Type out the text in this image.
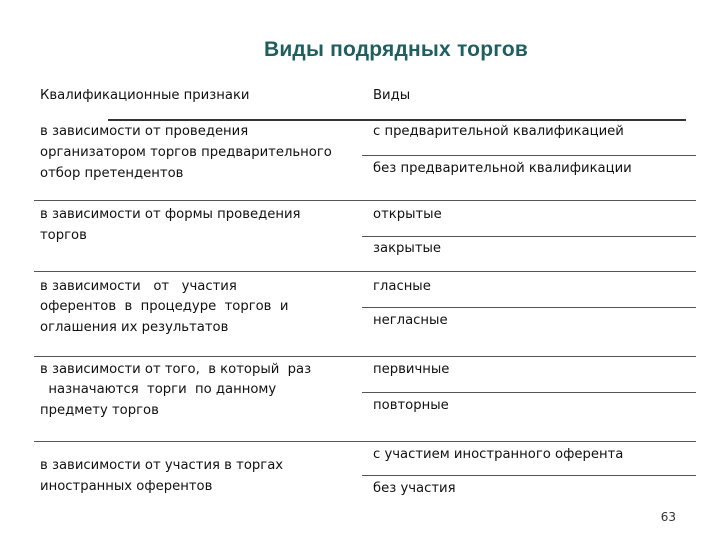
Виды подрядных торгов
Квалификационные признаки	Виды
в зависимости от проведения
организатором торгов предварительного
отбор претендентов
с предварительной квалификацией
без предварительной квалификации
в зависимости от формы проведения
торгов
открытые
закрытые
в зависимости   от   участия
оферентов  в  процедуре  торгов  и
оглашения их результатов
гласные
негласные
в зависимости от того,  в который  раз
назначаются  торги  по данному
предмету торгов
первичные
повторные
в зависимости от участия в торгах
иностранных оферентов
с участием иностранного оферента
без участия
63
